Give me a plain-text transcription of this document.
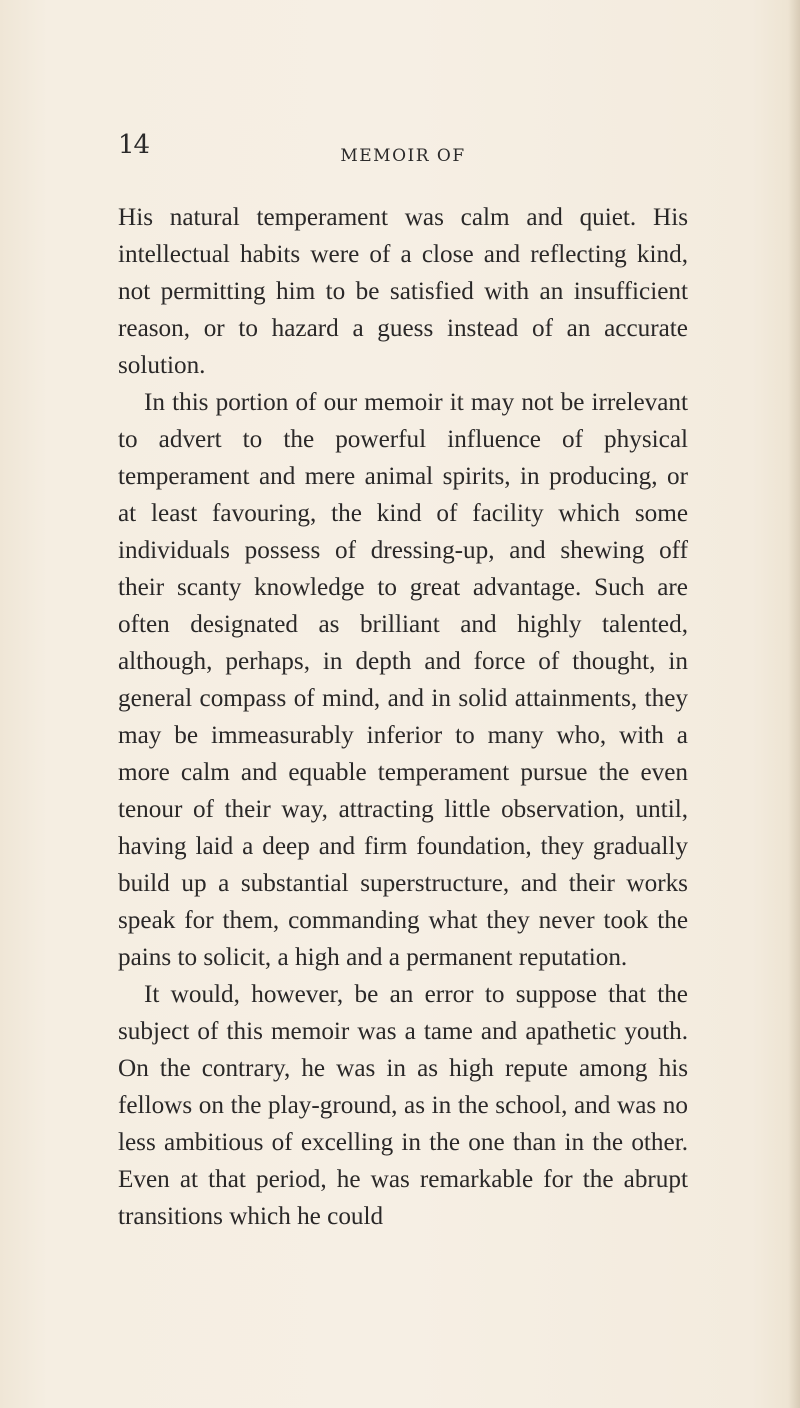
14	MEMOIR OF

His natural temperament was calm and quiet. His intellectual habits were of a close and reflecting kind, not permitting him to be satisfied with an insufficient reason, or to hazard a guess instead of an accurate solution.

In this portion of our memoir it may not be irrelevant to advert to the powerful influence of physical temperament and mere animal spirits, in producing, or at least favouring, the kind of facility which some individuals possess of dressing-up, and shewing off their scanty knowledge to great advantage. Such are often designated as brilliant and highly talented, although, perhaps, in depth and force of thought, in general compass of mind, and in solid attainments, they may be immeasurably inferior to many who, with a more calm and equable temperament pursue the even tenour of their way, attracting little observation, until, having laid a deep and firm foundation, they gradually build up a substantial superstructure, and their works speak for them, commanding what they never took the pains to solicit, a high and a permanent reputation.

It would, however, be an error to suppose that the subject of this memoir was a tame and apathetic youth. On the contrary, he was in as high repute among his fellows on the play-ground, as in the school, and was no less ambitious of excelling in the one than in the other. Even at that period, he was remarkable for the abrupt transitions which he could
